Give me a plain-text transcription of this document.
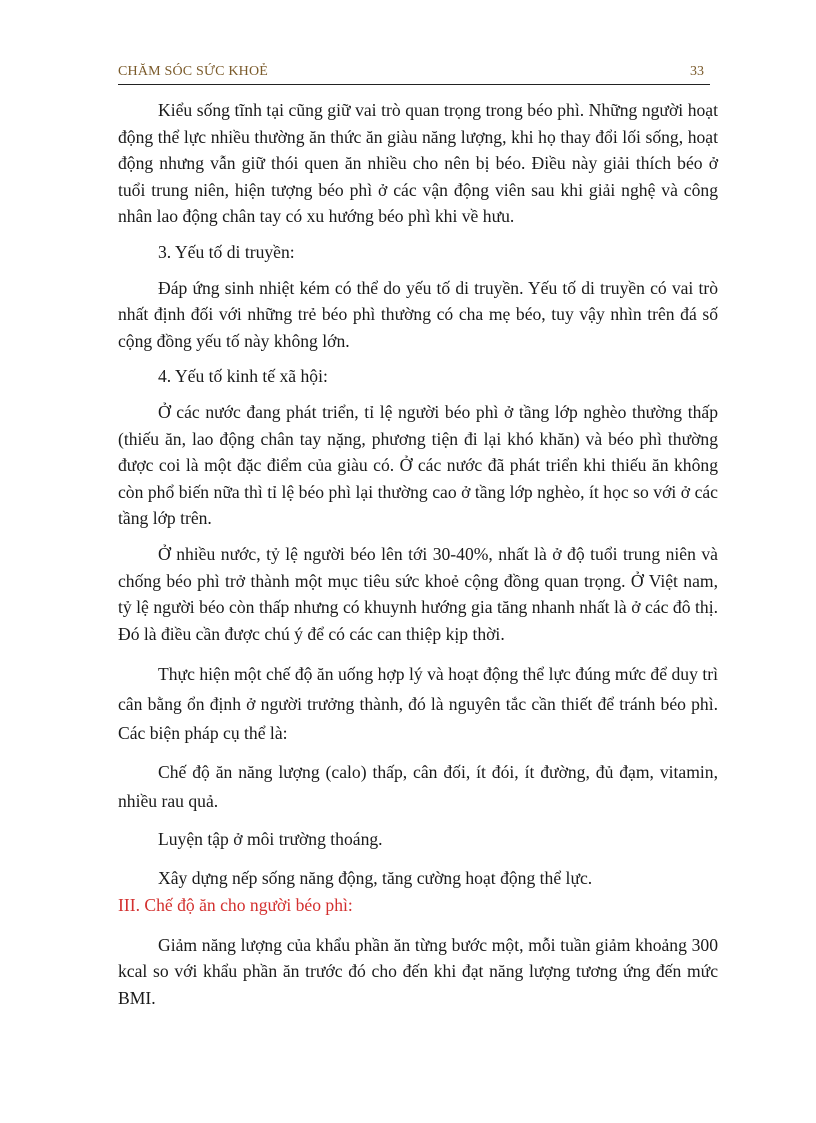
CHĂM SÓC SỨC KHOẺ	33

Kiểu sống tĩnh tại cũng giữ vai trò quan trọng trong béo phì. Những người hoạt động thể lực nhiều thường ăn thức ăn giàu năng lượng, khi họ thay đổi lối sống, hoạt động nhưng vẫn giữ thói quen ăn nhiều cho nên bị béo. Điều này giải thích béo ở tuổi trung niên, hiện tượng béo phì ở các vận động viên sau khi giải nghệ và công nhân lao động chân tay có xu hướng béo phì khi về hưu.

3. Yếu tố di truyền:

Đáp ứng sinh nhiệt kém có thể do yếu tố di truyền. Yếu tố di truyền có vai trò nhất định đối với những trẻ béo phì thường có cha mẹ béo, tuy vậy nhìn trên đá số cộng đồng yếu tố này không lớn.

4. Yếu tố kinh tế xã hội:

Ở các nước đang phát triển, tỉ lệ người béo phì ở tầng lớp nghèo thường thấp (thiếu ăn, lao động chân tay nặng, phương tiện đi lại khó khăn) và béo phì thường được coi là một đặc điểm của giàu có. Ở các nước đã phát triển khi thiếu ăn không còn phổ biến nữa thì tỉ lệ béo phì lại thường cao ở tầng lớp nghèo, ít học so với ở các tầng lớp trên.

Ở nhiều nước, tỷ lệ người béo lên tới 30-40%, nhất là ở độ tuổi trung niên và chống béo phì trở thành một mục tiêu sức khoẻ cộng đồng quan trọng. Ở Việt nam, tỷ lệ người béo còn thấp nhưng có khuynh hướng gia tăng nhanh nhất là ở các đô thị. Đó là điều cần được chú ý để có các can thiệp kịp thời.

Thực hiện một chế độ ăn uống hợp lý và hoạt động thể lực đúng mức để duy trì cân bằng ổn định ở người trưởng thành, đó là nguyên tắc cần thiết để tránh béo phì. Các biện pháp cụ thể là:

Chế độ ăn năng lượng (calo) thấp, cân đối, ít đói, ít đường, đủ đạm, vitamin, nhiều rau quả.

Luyện tập ở môi trường thoáng.

Xây dựng nếp sống năng động, tăng cường hoạt động thể lực.

III. Chế độ ăn cho người béo phì:

Giảm năng lượng của khẩu phần ăn từng bước một, mỗi tuần giảm khoảng 300 kcal so với khẩu phần ăn trước đó cho đến khi đạt năng lượng tương ứng đến mức BMI.
